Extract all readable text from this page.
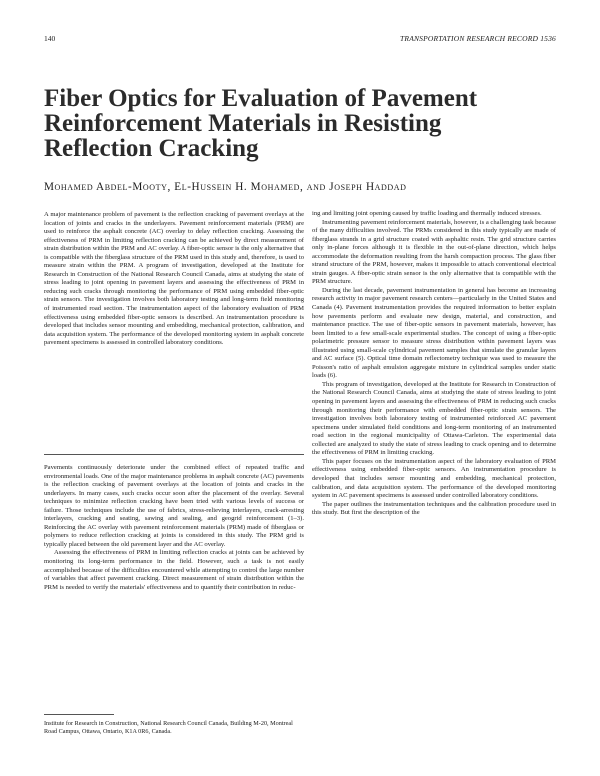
140	TRANSPORTATION RESEARCH RECORD 1536
Fiber Optics for Evaluation of Pavement
Reinforcement Materials in Resisting
Reflection Cracking
Mohamed Abdel-Mooty, El-Hussein H. Mohamed, and Joseph Haddad
A major maintenance problem of pavement is the reflection cracking of pavement overlays at the location of joints and cracks in the underlayers. Pavement reinforcement materials (PRM) are used to reinforce the asphalt concrete (AC) overlay to delay reflection cracking. Assessing the effectiveness of PRM in limiting reflection cracking can be achieved by direct measurement of strain distribution within the PRM and AC overlay. A fiber-optic sensor is the only alternative that is compatible with the fiberglass structure of the PRM used in this study and, therefore, is used to measure strain within the PRM. A program of investigation, developed at the Institute for Research in Construction of the National Research Council Canada, aims at studying the state of stress leading to joint opening in pavement layers and assessing the effectiveness of PRM in reducing such cracks through monitoring the performance of PRM using embedded fiber-optic strain sensors. The investigation involves both laboratory testing and long-term field monitoring of instrumented road section. The instrumentation aspect of the laboratory evaluation of PRM effectiveness using embedded fiber-optic sensors is described. An instrumentation procedure is developed that includes sensor mounting and embedding, mechanical protection, calibration, and data acquisition system. The performance of the developed monitoring system in asphalt concrete pavement specimens is assessed in controlled laboratory conditions.

Pavements continuously deteriorate under the combined effect of repeated traffic and environmental loads. One of the major maintenance problems in asphalt concrete (AC) pavements is the reflection cracking of pavement overlays at the location of joints and cracks in the underlayers. In many cases, such cracks occur soon after the placement of the overlay. Several techniques to minimize reflection cracking have been tried with various levels of success or failure. Those techniques include the use of fabrics, stress-relieving interlayers, crack-arresting interlayers, cracking and seating, sawing and sealing, and geogrid reinforcement (1–3). Reinforcing the AC overlay with pavement reinforcement materials (PRM) made of fiberglass or polymers to reduce reflection cracking at joints is considered in this study. The PRM grid is typically placed between the old pavement layer and the AC overlay.

Assessing the effectiveness of PRM in limiting reflection cracks at joints can be achieved by monitoring its long-term performance in the field. However, such a task is not easily accomplished because of the difficulties encountered while attempting to control the large number of variables that affect pavement cracking. Direct measurement of strain distribution within the PRM is needed to verify the materials' effectiveness and to quantify their contribution in reduc-

Institute for Research in Construction, National Research Council Canada, Building M-20, Montreal Road Campus, Ottawa, Ontario, K1A 0R6, Canada.

ing and limiting joint opening caused by traffic loading and thermally induced stresses.

Instrumenting pavement reinforcement materials, however, is a challenging task because of the many difficulties involved. The PRMs considered in this study typically are made of fiberglass strands in a grid structure coated with asphaltic resin. The grid structure carries only in-plane forces although it is flexible in the out-of-plane direction, which helps accommodate the deformation resulting from the harsh compaction process. The glass fiber strand structure of the PRM, however, makes it impossible to attach conventional electrical strain gauges. A fiber-optic strain sensor is the only alternative that is compatible with the PRM structure.

During the last decade, pavement instrumentation in general has become an increasing research activity in major pavement research centers—particularly in the United States and Canada (4). Pavement instrumentation provides the required information to better explain how pavements perform and evaluate new design, material, and construction, and maintenance practice. The use of fiber-optic sensors in pavement materials, however, has been limited to a few small-scale experimental studies. The concept of using a fiber-optic polarimetric pressure sensor to measure stress distribution within pavement layers was illustrated using small-scale cylindrical pavement samples that simulate the granular layers and AC surface (5). Optical time domain reflectometry technique was used to measure the Poisson's ratio of asphalt emulsion aggregate mixture in cylindrical samples under static loads (6).

This program of investigation, developed at the Institute for Research in Construction of the National Research Council Canada, aims at studying the state of stress leading to joint opening in pavement layers and assessing the effectiveness of PRM in reducing such cracks through monitoring their performance with embedded fiber-optic strain sensors. The investigation involves both laboratory testing of instrumented reinforced AC pavement specimens under simulated field conditions and long-term monitoring of an instrumented road section in the regional municipality of Ottawa-Carleton. The experimental data collected are analyzed to study the state of stress leading to crack opening and to determine the effectiveness of PRM in limiting cracking.

This paper focuses on the instrumentation aspect of the laboratory evaluation of PRM effectiveness using embedded fiber-optic sensors. An instrumentation procedure is developed that includes sensor mounting and embedding, mechanical protection, calibration, and data acquisition system. The performance of the developed monitoring system in AC pavement specimens is assessed under controlled laboratory conditions.

The paper outlines the instrumentation techniques and the calibration procedure used in this study. But first the description of the
